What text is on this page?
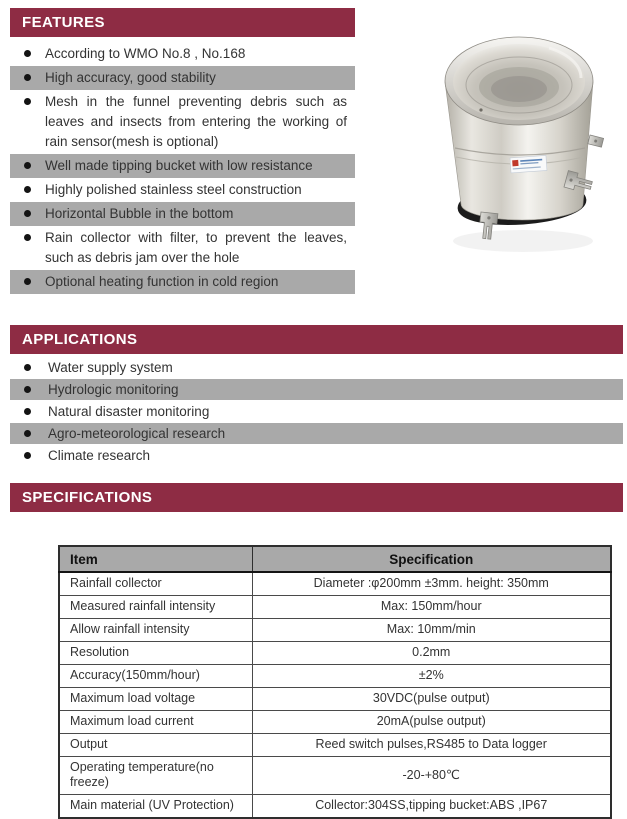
FEATURES
According to WMO No.8 , No.168
High accuracy, good stability
Mesh in the funnel preventing debris such as leaves and insects from entering the working of rain sensor(mesh is optional)
Well made tipping bucket with low resistance
Highly polished stainless steel construction
Horizontal Bubble in the bottom
Rain collector with filter, to prevent the leaves, such as debris jam over the hole
Optional heating function in cold region
APPLICATIONS
Water supply system
Hydrologic monitoring
Natural disaster monitoring
Agro-meteorological research
Climate research
SPECIFICATIONS
Item	Specification
Rainfall collector	Diameter :φ200mm ±3mm. height: 350mm
Measured rainfall intensity	Max: 150mm/hour
Allow rainfall intensity	Max: 10mm/min
Resolution	0.2mm
Accuracy(150mm/hour)	±2%
Maximum load voltage	30VDC(pulse output)
Maximum load current	20mA(pulse output)
Output	Reed switch pulses,RS485 to Data logger
Operating temperature(no freeze)	-20-+80℃
Main material (UV Protection)	Collector:304SS,tipping bucket:ABS ,IP67
